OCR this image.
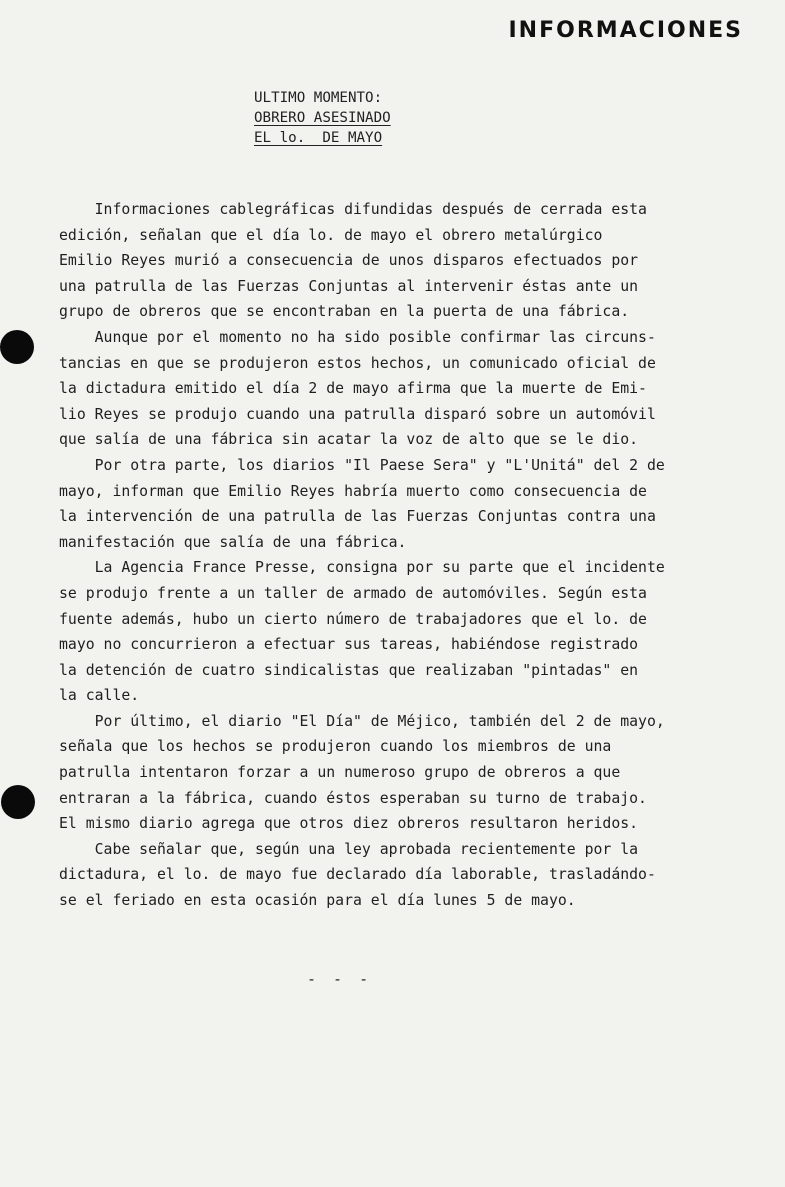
INFORMACIONES
ULTIMO MOMENTO:
OBRERO ASESINADO
EL lo.  DE MAYO
Informaciones cablegráficas difundidas después de cerrada esta
edición, señalan que el día lo. de mayo el obrero metalúrgico
Emilio Reyes murió a consecuencia de unos disparos efectuados por
una patrulla de las Fuerzas Conjuntas al intervenir éstas ante un
grupo de obreros que se encontraban en la puerta de una fábrica.
Aunque por el momento no ha sido posible confirmar las circuns-
tancias en que se produjeron estos hechos, un comunicado oficial de
la dictadura emitido el día 2 de mayo afirma que la muerte de Emi-
lio Reyes se produjo cuando una patrulla disparó sobre un automóvil
que salía de una fábrica sin acatar la voz de alto que se le dio.
Por otra parte, los diarios "Il Paese Sera" y "L'Unitá" del 2 de
mayo, informan que Emilio Reyes habría muerto como consecuencia de
la intervención de una patrulla de las Fuerzas Conjuntas contra una
manifestación que salía de una fábrica.
La Agencia France Presse, consigna por su parte que el incidente
se produjo frente a un taller de armado de automóviles. Según esta
fuente además, hubo un cierto número de trabajadores que el lo. de
mayo no concurrieron a efectuar sus tareas, habiéndose registrado
la detención de cuatro sindicalistas que realizaban "pintadas" en
la calle.
Por último, el diario "El Día" de Méjico, también del 2 de mayo,
señala que los hechos se produjeron cuando los miembros de una
patrulla intentaron forzar a un numeroso grupo de obreros a que
entraran a la fábrica, cuando éstos esperaban su turno de trabajo.
El mismo diario agrega que otros diez obreros resultaron heridos.
Cabe señalar que, según una ley aprobada recientemente por la
dictadura, el lo. de mayo fue declarado día laborable, trasladándo-
se el feriado en esta ocasión para el día lunes 5 de mayo.
- - -
